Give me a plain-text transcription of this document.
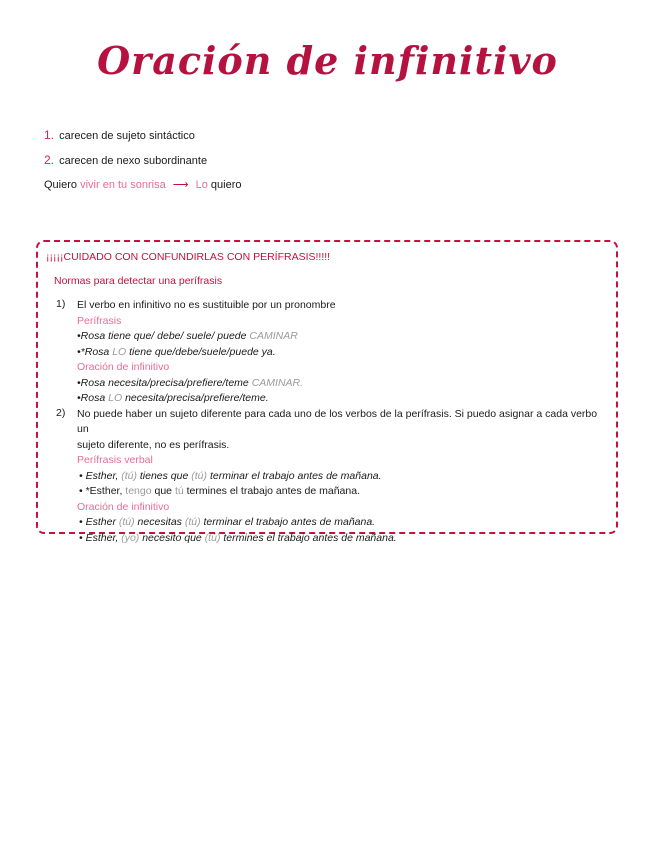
Oración de infinitivo
1. carecen de sujeto sintáctico
2. carecen de nexo subordinante
Quiero vivir en tu sonrisa ⟶ Lo quiero
¡¡¡¡¡CUIDADO CON CONFUNDIRLAS CON PERÍFRASIS!!!!!
Normas para detectar una perífrasis
1) El verbo en infinitivo no es sustituible por un pronombre
Perífrasis
•Rosa tiene que/ debe/ suele/ puede CAMINAR
•*Rosa LO tiene que/debe/suele/puede ya.
Oración de infinitivo
•Rosa necesita/precisa/prefiere/teme CAMINAR.
•Rosa LO necesita/precisa/prefiere/teme.
2) No puede haber un sujeto diferente para cada uno de los verbos de la perífrasis. Si puedo asignar a cada verbo un
sujeto diferente, no es perífrasis.
Perífrasis verbal
• Esther, (tú) tienes que (tú) terminar el trabajo antes de mañana.
• *Esther, tengo que tú termines el trabajo antes de mañana.
Oración de infinitivo
• Esther (tú) necesitas (tú) terminar el trabajo antes de mañana.
• Esther, (yo) necesito que (tú) termines el trabajo antes de mañana.
